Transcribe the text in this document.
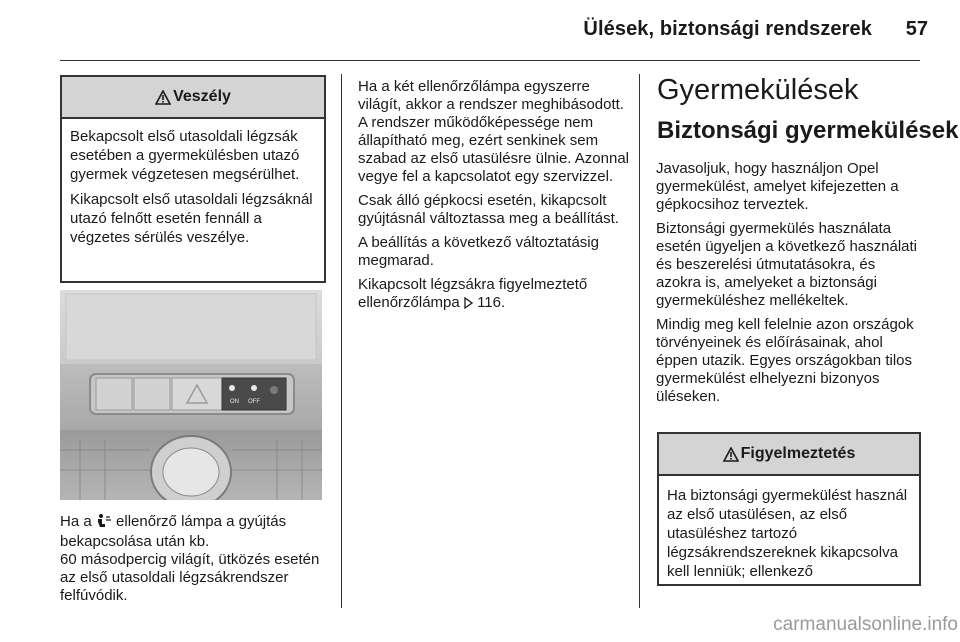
Ülések, biztonsági rendszerek	57
Veszély

Bekapcsolt első utasoldali légzsák esetében a gyermekülésben utazó gyermek végzetesen megsérülhet.

Kikapcsolt első utasoldali légzsáknál utazó felnőtt esetén fennáll a végzetes sérülés veszélye.

ON OFF

Ha a ellenőrző lámpa a gyújtás bekapcsolása után kb.
60 másodpercig világít, ütközés esetén az első utasoldali légzsákrendszer felfúvódik.

Ha a két ellenőrzőlámpa egyszerre világít, akkor a rendszer meghibásodott. A rendszer működőképessége nem állapítható meg, ezért senkinek sem szabad az első utasülésre ülnie. Azonnal vegye fel a kapcsolatot egy szervizzel.

Csak álló gépkocsi esetén, kikapcsolt gyújtásnál változtassa meg a beállítást.

A beállítás a következő változtatásig megmarad.

Kikapcsolt légzsákra figyelmeztető ellenőrzőlámpa 116.

Gyermekülések
Biztonsági gyermekülések

Javasoljuk, hogy használjon Opel gyermekülést, amelyet kifejezetten a gépkocsihoz terveztek.

Biztonsági gyermekülés használata esetén ügyeljen a következő használati és beszerelési útmutatásokra, és azokra is, amelyeket a biztonsági gyermeküléshez mellékeltek.

Mindig meg kell felelnie azon országok törvényeinek és előírásainak, ahol éppen utazik. Egyes országokban tilos gyermekülést elhelyezni bizonyos üléseken.

Figyelmeztetés

Ha biztonsági gyermekülést használ az első utasülésen, az első utasüléshez tartozó légzsákrendszereknek kikapcsolva kell lenniük; ellenkező

carmanualsonline.info
